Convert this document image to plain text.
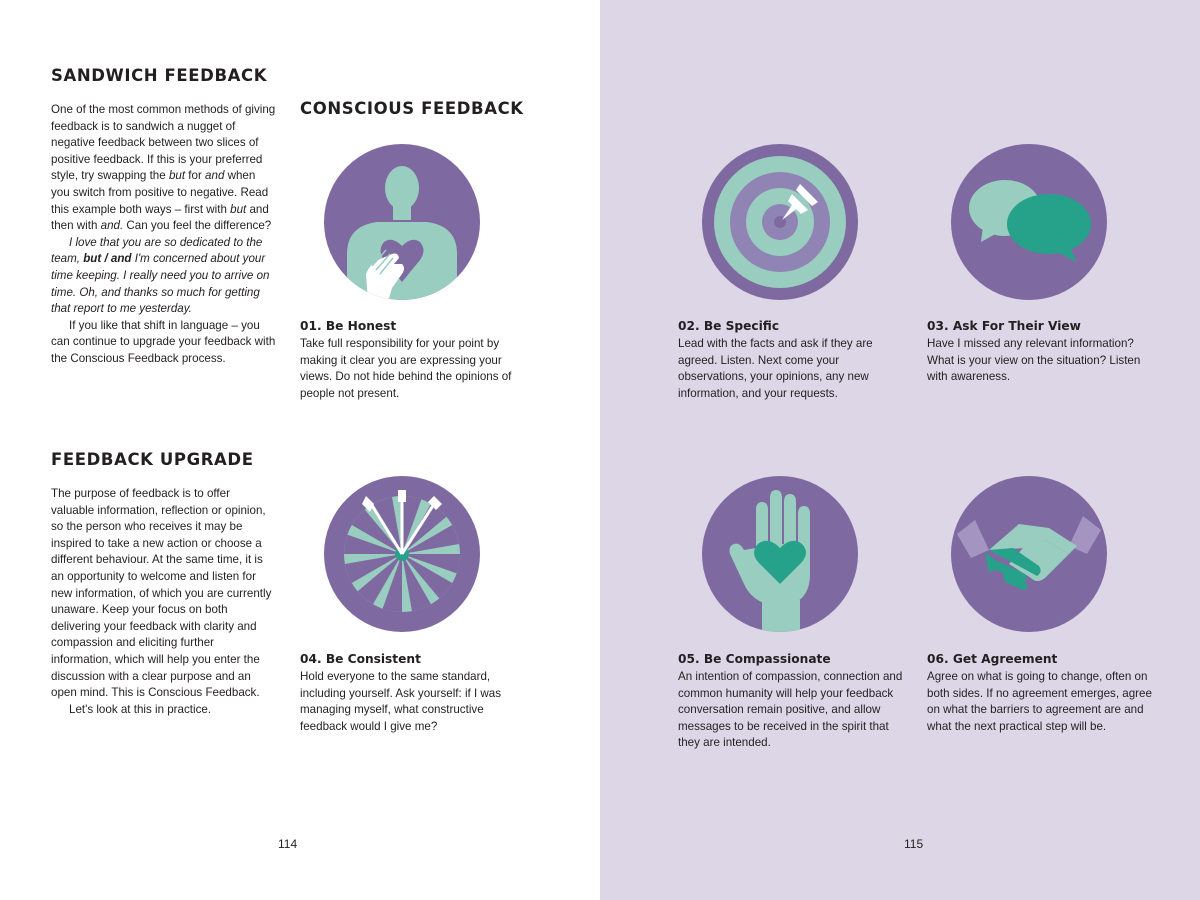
SANDWICH FEEDBACK

One of the most common methods of giving feedback is to sandwich a nugget of negative feedback between two slices of positive feedback. If this is your preferred style, try swapping the but for and when you switch from positive to negative. Read this example both ways – first with but and then with and. Can you feel the difference?

I love that you are so dedicated to the team, but / and I'm concerned about your time keeping. I really need you to arrive on time. Oh, and thanks so much for getting that report to me yesterday.

If you like that shift in language – you can continue to upgrade your feedback with the Conscious Feedback process.

FEEDBACK UPGRADE

The purpose of feedback is to offer valuable information, reflection or opinion, so the person who receives it may be inspired to take a new action or choose a different behaviour. At the same time, it is an opportunity to welcome and listen for new information, of which you are currently unaware. Keep your focus on both delivering your feedback with clarity and compassion and eliciting further information, which will help you enter the discussion with a clear purpose and an open mind. This is Conscious Feedback.

Let's look at this in practice.

CONSCIOUS FEEDBACK
01. Be Honest

Take full responsibility for your point by making it clear you are expressing your views. Do not hide behind the opinions of people not present.

04. Be Consistent

Hold everyone to the same standard, including yourself. Ask yourself: if I was managing myself, what constructive feedback would I give me?

02. Be Specific

Lead with the facts and ask if they are agreed. Listen. Next come your observations, your opinions, any new information, and your requests.

03. Ask For Their View

Have I missed any relevant information? What is your view on the situation? Listen with awareness.

05. Be Compassionate

An intention of compassion, connection and common humanity will help your feedback conversation remain positive, and allow messages to be received in the spirit that they are intended.

06. Get Agreement

Agree on what is going to change, often on both sides. If no agreement emerges, agree on what the barriers to agreement are and what the next practical step will be.

114	115
